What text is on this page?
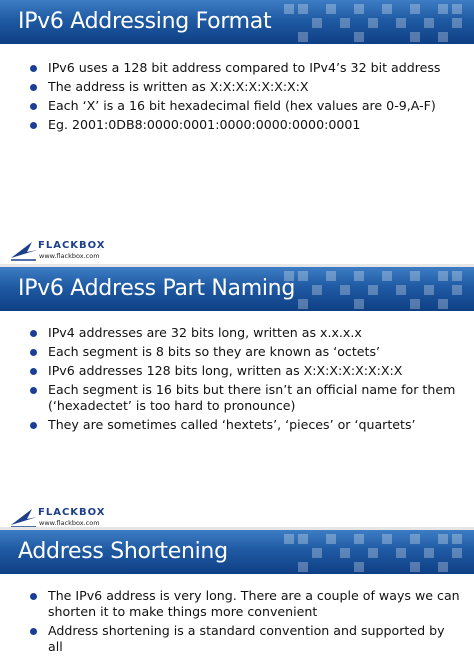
IPv6 Addressing Format
IPv6 uses a 128 bit address compared to IPv4’s 32 bit address
The address is written as X:X:X:X:X:X:X:X
Each ‘X’ is a 16 bit hexadecimal field (hex values are 0-9,A-F)
Eg. 2001:0DB8:0000:0001:0000:0000:0000:0001
FLACKBOX
www.flackbox.com
IPv6 Address Part Naming
IPv4 addresses are 32 bits long, written as x.x.x.x
Each segment is 8 bits so they are known as ‘octets’
IPv6 addresses 128 bits long, written as X:X:X:X:X:X:X:X
Each segment is 16 bits but there isn’t an official name for them (‘hexadectet’ is too hard to pronounce)
They are sometimes called ‘hextets’, ‘pieces’ or ‘quartets’
FLACKBOX
www.flackbox.com
Address Shortening
The IPv6 address is very long. There are a couple of ways we can shorten it to make things more convenient
Address shortening is a standard convention and supported by all
